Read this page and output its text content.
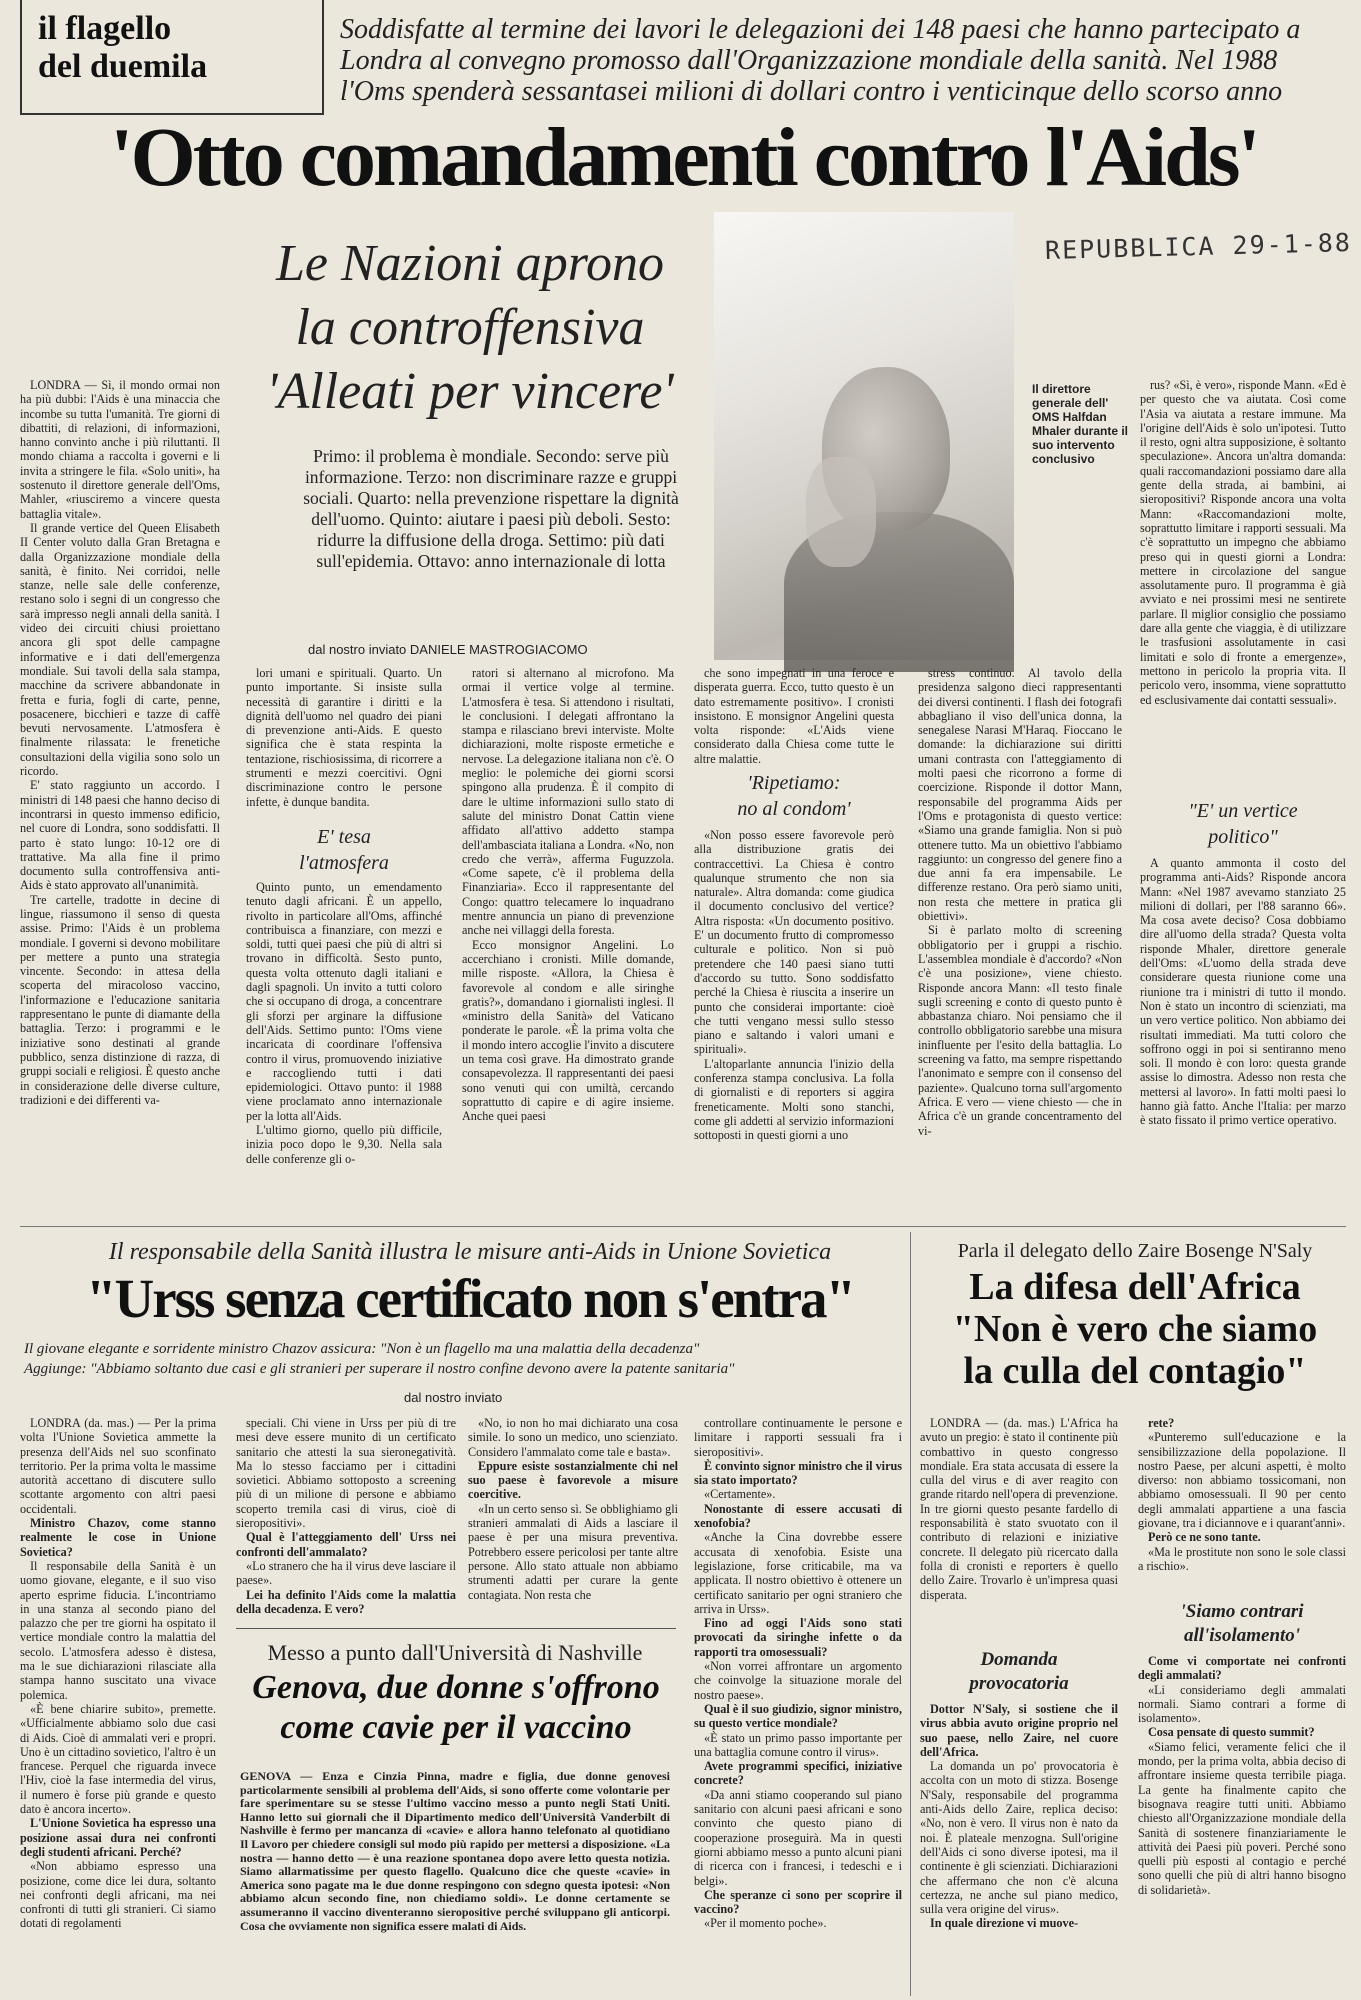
il flagello
del duemila
Soddisfatte al termine dei lavori le delegazioni dei 148 paesi che hanno partecipato a Londra al convegno promosso dall'Organizzazione mondiale della sanità. Nel 1988 l'Oms spenderà sessantasei milioni di dollari contro i venticinque dello scorso anno
'Otto comandamenti contro l'Aids'
REPUBBLICA 29-1-88
Le Nazioni aprono
la controffensiva
'Alleati per vincere'
Primo: il problema è mondiale. Secondo: serve più informazione. Terzo: non discriminare razze e gruppi sociali. Quarto: nella prevenzione rispettare la dignità dell'uomo. Quinto: aiutare i paesi più deboli. Sesto: ridurre la diffusione della droga. Settimo: più dati sull'epidemia. Ottavo: anno internazionale di lotta
Il direttore generale dell' OMS Halfdan Mhaler durante il suo intervento conclusivo
dal nostro inviato DANIELE MASTROGIACOMO

LONDRA — Sì, il mondo ormai non ha più dubbi: l'Aids è una minaccia che incombe su tutta l'umanità. Tre giorni di dibattiti, di relazioni, di informazioni, hanno convinto anche i più riluttanti. Il mondo chiama a raccolta i governi e li invita a stringere le fila. «Solo uniti», ha sostenuto il direttore generale dell'Oms, Mahler, «riusciremo a vincere questa battaglia vitale».

Il grande vertice del Queen Elisabeth II Center voluto dalla Gran Bretagna e dalla Organizzazione mondiale della sanità, è finito. Nei corridoi, nelle stanze, nelle sale delle conferenze, restano solo i segni di un congresso che sarà impresso negli annali della sanità. I video dei circuiti chiusi proiettano ancora gli spot delle campagne informative e i dati dell'emergenza mondiale. Sui tavoli della sala stampa, macchine da scrivere abbandonate in fretta e furia, fogli di carte, penne, posacenere, bicchieri e tazze di caffè bevuti nervosamente. L'atmosfera è finalmente rilassata: le frenetiche consultazioni della vigilia sono solo un ricordo.

E' stato raggiunto un accordo. I ministri di 148 paesi che hanno deciso di incontrarsi in questo immenso edificio, nel cuore di Londra, sono soddisfatti. Il parto è stato lungo: 10-12 ore di trattative. Ma alla fine il primo documento sulla controffensiva anti-Aids è stato approvato all'unanimità.

Tre cartelle, tradotte in decine di lingue, riassumono il senso di questa assise. Primo: l'Aids è un problema mondiale. I governi si devono mobilitare per mettere a punto una strategia vincente. Secondo: in attesa della scoperta del miracoloso vaccino, l'informazione e l'educazione sanitaria rappresentano le punte di diamante della battaglia. Terzo: i programmi e le iniziative sono destinati al grande pubblico, senza distinzione di razza, di gruppi sociali e religiosi. È questo anche in considerazione delle diverse culture, tradizioni e dei differenti va-

lori umani e spirituali. Quarto. Un punto importante. Si insiste sulla necessità di garantire i diritti e la dignità dell'uomo nel quadro dei piani di prevenzione anti-Aids. E questo significa che è stata respinta la tentazione, rischiosissima, di ricorrere a strumenti e mezzi coercitivi. Ogni discriminazione contro le persone infette, è dunque bandita.

E' tesa
l'atmosfera

Quinto punto, un emendamento tenuto dagli africani. È un appello, rivolto in particolare all'Oms, affinché contribuisca a finanziare, con mezzi e soldi, tutti quei paesi che più di altri si trovano in difficoltà. Sesto punto, questa volta ottenuto dagli italiani e dagli spagnoli. Un invito a tutti coloro che si occupano di droga, a concentrare gli sforzi per arginare la diffusione dell'Aids. Settimo punto: l'Oms viene incaricata di coordinare l'offensiva contro il virus, promuovendo iniziative e raccogliendo tutti i dati epidemiologici. Ottavo punto: il 1988 viene proclamato anno internazionale per la lotta all'Aids.

L'ultimo giorno, quello più difficile, inizia poco dopo le 9,30. Nella sala delle conferenze gli o-

ratori si alternano al microfono. Ma ormai il vertice volge al termine. L'atmosfera è tesa. Si attendono i risultati, le conclusioni. I delegati affrontano la stampa e rilasciano brevi interviste. Molte dichiarazioni, molte risposte ermetiche e nervose. La delegazione italiana non c'è. O meglio: le polemiche dei giorni scorsi spingono alla prudenza. È il compito di dare le ultime informazioni sullo stato di salute del ministro Donat Cattin viene affidato all'attivo addetto stampa dell'ambasciata italiana a Londra. «No, non credo che verrà», afferma Fuguzzola. «Come sapete, c'è il problema della Finanziaria». Ecco il rappresentante del Congo: quattro telecamere lo inquadrano mentre annuncia un piano di prevenzione anche nei villaggi della foresta.

Ecco monsignor Angelini. Lo accerchiano i cronisti. Mille domande, mille risposte. «Allora, la Chiesa è favorevole al condom e alle siringhe gratis?», domandano i giornalisti inglesi. Il «ministro della Sanità» del Vaticano ponderate le parole. «È la prima volta che il mondo intero accoglie l'invito a discutere un tema così grave. Ha dimostrato grande consapevolezza. Il rappresentanti dei paesi sono venuti qui con umiltà, cercando soprattutto di capire e di agire insieme. Anche quei paesi

che sono impegnati in una feroce e disperata guerra. Ecco, tutto questo è un dato estremamente positivo». I cronisti insistono. E monsignor Angelini questa volta risponde: «L'Aids viene considerato dalla Chiesa come tutte le altre malattie.

'Ripetiamo:
no al condom'

«Non posso essere favorevole però alla distribuzione gratis dei contraccettivi. La Chiesa è contro qualunque strumento che non sia naturale». Altra domanda: come giudica il documento conclusivo del vertice? Altra risposta: «Un documento positivo. E' un documento frutto di compromesso culturale e politico. Non si può pretendere che 140 paesi siano tutti d'accordo su tutto. Sono soddisfatto perché la Chiesa è riuscita a inserire un punto che considerai importante: cioè che tutti vengano messi sullo stesso piano e saltando i valori umani e spirituali».

L'altoparlante annuncia l'inizio della conferenza stampa conclusiva. La folla di giornalisti e di reporters si aggira freneticamente. Molti sono stanchi, come gli addetti al servizio informazioni sottoposti in questi giorni a uno

stress continuo. Al tavolo della presidenza salgono dieci rappresentanti dei diversi continenti. I flash dei fotografi abbagliano il viso dell'unica donna, la senegalese Narasi M'Haraq. Fioccano le domande: la dichiarazione sui diritti umani contrasta con l'atteggiamento di molti paesi che ricorrono a forme di coercizione. Risponde il dottor Mann, responsabile del programma Aids per l'Oms e protagonista di questo vertice: «Siamo una grande famiglia. Non si può ottenere tutto. Ma un obiettivo l'abbiamo raggiunto: un congresso del genere fino a due anni fa era impensabile. Le differenze restano. Ora però siamo uniti, non resta che mettere in pratica gli obiettivi».

Si è parlato molto di screening obbligatorio per i gruppi a rischio. L'assemblea mondiale è d'accordo? «Non c'è una posizione», viene chiesto. Risponde ancora Mann: «Il testo finale sugli screening e conto di questo punto è abbastanza chiaro. Noi pensiamo che il controllo obbligatorio sarebbe una misura ininfluente per l'esito della battaglia. Lo screening va fatto, ma sempre rispettando l'anonimato e sempre con il consenso del paziente». Qualcuno torna sull'argomento Africa. E vero — viene chiesto — che in Africa c'è un grande concentramento del vi-

rus? «Sì, è vero», risponde Mann. «Ed è per questo che va aiutata. Così come l'Asia va aiutata a restare immune. Ma l'origine dell'Aids è solo un'ipotesi. Tutto il resto, ogni altra supposizione, è soltanto speculazione». Ancora un'altra domanda: quali raccomandazioni possiamo dare alla gente della strada, ai bambini, ai sieropositivi? Risponde ancora una volta Mann: «Raccomandazioni molte, soprattutto limitare i rapporti sessuali. Ma c'è soprattutto un impegno che abbiamo preso qui in questi giorni a Londra: mettere in circolazione del sangue assolutamente puro. Il programma è già avviato e nei prossimi mesi ne sentirete parlare. Il miglior consiglio che possiamo dare alla gente che viaggia, è di utilizzare le trasfusioni assolutamente in casi limitati e solo di fronte a emergenze», mettono in pericolo la propria vita. Il pericolo vero, insomma, viene soprattutto ed esclusivamente dai contatti sessuali».

"E' un vertice
politico"

A quanto ammonta il costo del programma anti-Aids? Risponde ancora Mann: «Nel 1987 avevamo stanziato 25 milioni di dollari, per l'88 saranno 66». Ma cosa avete deciso? Cosa dobbiamo dire all'uomo della strada? Questa volta risponde Mhaler, direttore generale dell'Oms: «L'uomo della strada deve considerare questa riunione come una riunione tra i ministri di tutto il mondo. Non è stato un incontro di scienziati, ma un vero vertice politico. Non abbiamo dei risultati immediati. Ma tutti coloro che soffrono oggi in poi si sentiranno meno soli. Il mondo è con loro: questa grande assise lo dimostra. Adesso non resta che mettersi al lavoro». In fatti molti paesi lo hanno già fatto. Anche l'Italia: per marzo è stato fissato il primo vertice operativo.

Il responsabile della Sanità illustra le misure anti-Aids in Unione Sovietica
"Urss senza certificato non s'entra"
Il giovane elegante e sorridente ministro Chazov assicura: "Non è un flagello ma una malattia della decadenza"
Aggiunge: "Abbiamo soltanto due casi e gli stranieri per superare il nostro confine devono avere la patente sanitaria"
dal nostro inviato

LONDRA (da. mas.) — Per la prima volta l'Unione Sovietica ammette la presenza dell'Aids nel suo sconfinato territorio. Per la prima volta le massime autorità accettano di discutere sullo scottante argomento con altri paesi occidentali.

Ministro Chazov, come stanno realmente le cose in Unione Sovietica?

Il responsabile della Sanità è un uomo giovane, elegante, e il suo viso aperto esprime fiducia. L'incontriamo in una stanza al secondo piano del palazzo che per tre giorni ha ospitato il vertice mondiale contro la malattia del secolo. L'atmosfera adesso è distesa, ma le sue dichiarazioni rilasciate alla stampa hanno suscitato una vivace polemica.

«È bene chiarire subito», premette. «Ufficialmente abbiamo solo due casi di Aids. Cioè di ammalati veri e propri. Uno è un cittadino sovietico, l'altro è un francese. Perquel che riguarda invece l'Hiv, cioè la fase intermedia del virus, il numero è forse più grande e questo dato è ancora incerto».

L'Unione Sovietica ha espresso una posizione assai dura nei confronti degli studenti africani. Perché?

«Non abbiamo espresso una posizione, come dice lei dura, soltanto nei confronti degli africani, ma nei confronti di tutti gli stranieri. Ci siamo dotati di regolamenti

speciali. Chi viene in Urss per più di tre mesi deve essere munito di un certificato sanitario che attesti la sua sieronegatività. Ma lo stesso facciamo per i cittadini sovietici. Abbiamo sottoposto a screening più di un milione di persone e abbiamo scoperto tremila casi di virus, cioè di sieropositivi».

Qual è l'atteggiamento dell' Urss nei confronti dell'ammalato?

«Lo stranero che ha il virus deve lasciare il paese».

Lei ha definito l'Aids come la malattia della decadenza. E vero?

«No, io non ho mai dichiarato una cosa simile. Io sono un medico, uno scienziato. Considero l'ammalato come tale e basta».

Eppure esiste sostanzialmente chi nel suo paese è favorevole a misure coercitive.

«In un certo senso sì. Se obblighiamo gli stranieri ammalati di Aids a lasciare il paese è per una misura preventiva. Potrebbero essere pericolosi per tante altre persone. Allo stato attuale non abbiamo strumenti adatti per curare la gente contagiata. Non resta che

controllare continuamente le persone e limitare i rapporti sessuali fra i sieropositivi».

È convinto signor ministro che il virus sia stato importato?

«Certamente».

Nonostante di essere accusati di xenofobia?

«Anche la Cina dovrebbe essere accusata di xenofobia. Esiste una legislazione, forse criticabile, ma va applicata. Il nostro obiettivo è ottenere un certificato sanitario per ogni straniero che arriva in Urss».

Fino ad oggi l'Aids sono stati provocati da siringhe infette o da rapporti tra omosessuali?

«Non vorrei affrontare un argomento che coinvolge la situazione morale del nostro paese».

Qual è il suo giudizio, signor ministro, su questo vertice mondiale?

«È stato un primo passo importante per una battaglia comune contro il virus».

Avete programmi specifici, iniziative concrete?

«Da anni stiamo cooperando sul piano sanitario con alcuni paesi africani e sono convinto che questo piano di cooperazione proseguirà. Ma in questi giorni abbiamo messo a punto alcuni piani di ricerca con i francesi, i tedeschi e i belgi».

Che speranze ci sono per scoprire il vaccino?

«Per il momento poche».

Messo a punto dall'Università di Nashville
Genova, due donne s'offrono
come cavie per il vaccino
GENOVA — Enza e Cinzia Pinna, madre e figlia, due donne genovesi particolarmente sensibili al problema dell'Aids, si sono offerte come volontarie per fare sperimentare su se stesse l'ultimo vaccino messo a punto negli Stati Uniti. Hanno letto sui giornali che il Dipartimento medico dell'Università Vanderbilt di Nashville è fermo per mancanza di «cavie» e allora hanno telefonato al quotidiano Il Lavoro per chiedere consigli sul modo più rapido per mettersi a disposizione. «La nostra — hanno detto — è una reazione spontanea dopo avere letto questa notizia. Siamo allarmatissime per questo flagello. Qualcuno dice che queste «cavie» in America sono pagate ma le due donne respingono con sdegno questa ipotesi: «Non abbiamo alcun secondo fine, non chiediamo soldi». Le donne certamente se assumeranno il vaccino diventeranno sieropositive perché sviluppano gli anticorpi. Cosa che ovviamente non significa essere malati di Aids.
Parla il delegato dello Zaire Bosenge N'Saly
La difesa dell'Africa
"Non è vero che siamo
la culla del contagio"

LONDRA — (da. mas.) L'Africa ha avuto un pregio: è stato il continente più combattivo in questo congresso mondiale. Era stata accusata di essere la culla del virus e di aver reagito con grande ritardo nell'opera di prevenzione. In tre giorni questo pesante fardello di responsabilità è stato svuotato con il contributo di relazioni e iniziative concrete. Il delegato più ricercato dalla folla di cronisti e reporters è quello dello Zaire. Trovarlo è un'impresa quasi disperata.

Domanda
provocatoria

Dottor N'Saly, si sostiene che il virus abbia avuto origine proprio nel suo paese, nello Zaire, nel cuore dell'Africa.

La domanda un po' provocatoria è accolta con un moto di stizza. Bosenge N'Saly, responsabile del programma anti-Aids dello Zaire, replica deciso: «No, non è vero. Il virus non è nato da noi. È plateale menzogna. Sull'origine dell'Aids ci sono diverse ipotesi, ma il continente è gli scienziati. Dichiarazioni che affermano che non c'è alcuna certezza, ne anche sul piano medico, sulla vera origine del virus».

In quale direzione vi muove-

rete?

«Punteremo sull'educazione e la sensibilizzazione della popolazione. Il nostro Paese, per alcuni aspetti, è molto diverso: non abbiamo tossicomani, non abbiamo omosessuali. Il 90 per cento degli ammalati appartiene a una fascia giovane, tra i diciannove e i quarant'anni».

Però ce ne sono tante.

«Ma le prostitute non sono le sole classi a rischio».

'Siamo contrari
all'isolamento'

Come vi comportate nei confronti degli ammalati?

«Li consideriamo degli ammalati normali. Siamo contrari a forme di isolamento».

Cosa pensate di questo summit?

«Siamo felici, veramente felici che il mondo, per la prima volta, abbia deciso di affrontare insieme questa terribile piaga. La gente ha finalmente capito che bisognava reagire tutti uniti. Abbiamo chiesto all'Organizzazione mondiale della Sanità di sostenere finanziariamente le attività dei Paesi più poveri. Perché sono quelli più esposti al contagio e perché sono quelli che più di altri hanno bisogno di solidarietà».
